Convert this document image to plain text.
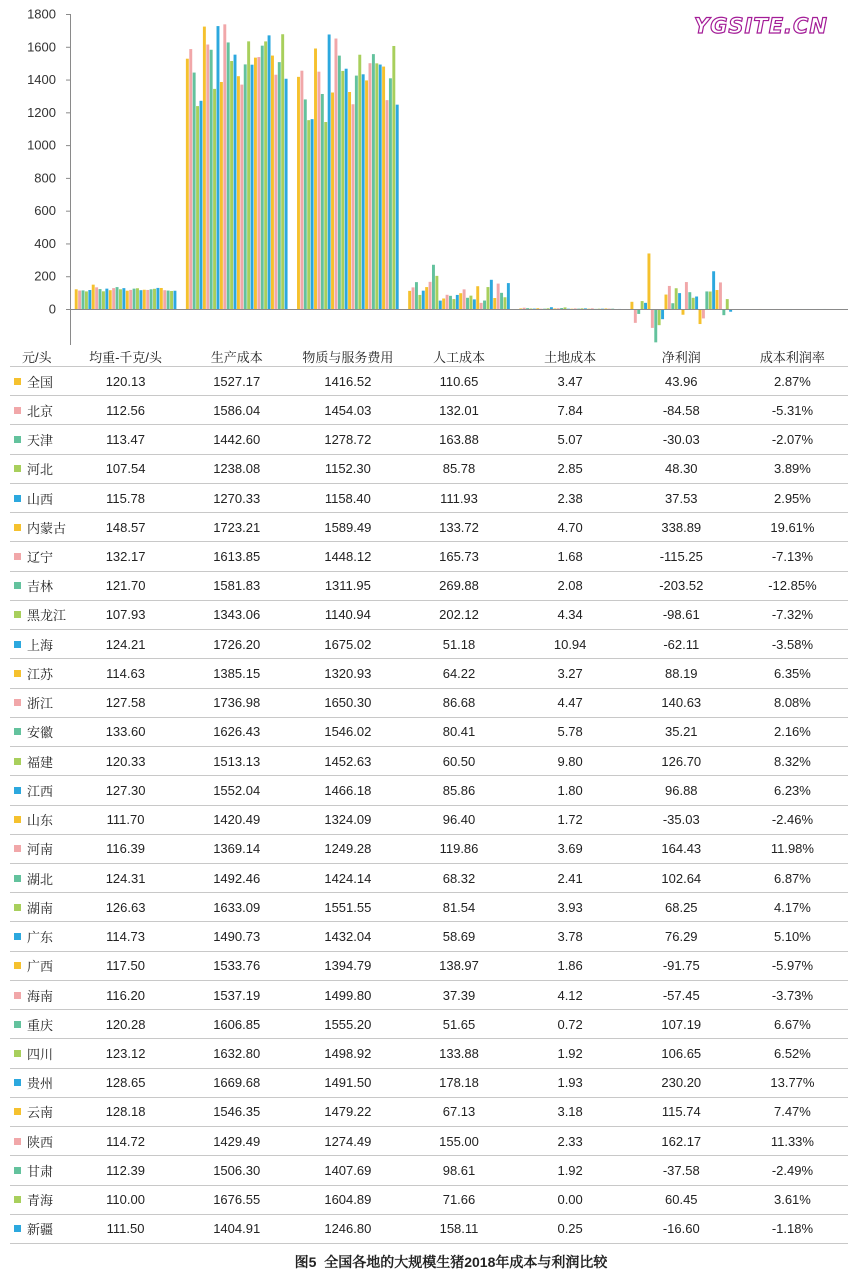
0
200
400
600
800
1000
1200
1400
1600
1800	YGSITE.CN
元/头	均重-千克/头	生产成本	物质与服务费用	人工成本	土地成本	净利润	成本利润率
全国	120.13	1527.17	1416.52	110.65	3.47	43.96	2.87%
北京	112.56	1586.04	1454.03	132.01	7.84	-84.58	-5.31%
天津	113.47	1442.60	1278.72	163.88	5.07	-30.03	-2.07%
河北	107.54	1238.08	1152.30	85.78	2.85	48.30	3.89%
山西	115.78	1270.33	1158.40	111.93	2.38	37.53	2.95%
内蒙古	148.57	1723.21	1589.49	133.72	4.70	338.89	19.61%
辽宁	132.17	1613.85	1448.12	165.73	1.68	-115.25	-7.13%
吉林	121.70	1581.83	1311.95	269.88	2.08	-203.52	-12.85%
黑龙江	107.93	1343.06	1140.94	202.12	4.34	-98.61	-7.32%
上海	124.21	1726.20	1675.02	51.18	10.94	-62.11	-3.58%
江苏	114.63	1385.15	1320.93	64.22	3.27	88.19	6.35%
浙江	127.58	1736.98	1650.30	86.68	4.47	140.63	8.08%
安徽	133.60	1626.43	1546.02	80.41	5.78	35.21	2.16%
福建	120.33	1513.13	1452.63	60.50	9.80	126.70	8.32%
江西	127.30	1552.04	1466.18	85.86	1.80	96.88	6.23%
山东	111.70	1420.49	1324.09	96.40	1.72	-35.03	-2.46%
河南	116.39	1369.14	1249.28	119.86	3.69	164.43	11.98%
湖北	124.31	1492.46	1424.14	68.32	2.41	102.64	6.87%
湖南	126.63	1633.09	1551.55	81.54	3.93	68.25	4.17%
广东	114.73	1490.73	1432.04	58.69	3.78	76.29	5.10%
广西	117.50	1533.76	1394.79	138.97	1.86	-91.75	-5.97%
海南	116.20	1537.19	1499.80	37.39	4.12	-57.45	-3.73%
重庆	120.28	1606.85	1555.20	51.65	0.72	107.19	6.67%
四川	123.12	1632.80	1498.92	133.88	1.92	106.65	6.52%
贵州	128.65	1669.68	1491.50	178.18	1.93	230.20	13.77%
云南	128.18	1546.35	1479.22	67.13	3.18	115.74	7.47%
陕西	114.72	1429.49	1274.49	155.00	2.33	162.17	11.33%
甘肃	112.39	1506.30	1407.69	98.61	1.92	-37.58	-2.49%
青海	110.00	1676.55	1604.89	71.66	0.00	60.45	3.61%
新疆	111.50	1404.91	1246.80	158.11	0.25	-16.60	-1.18%
图5  全国各地的大规模生猪2018年成本与利润比较
